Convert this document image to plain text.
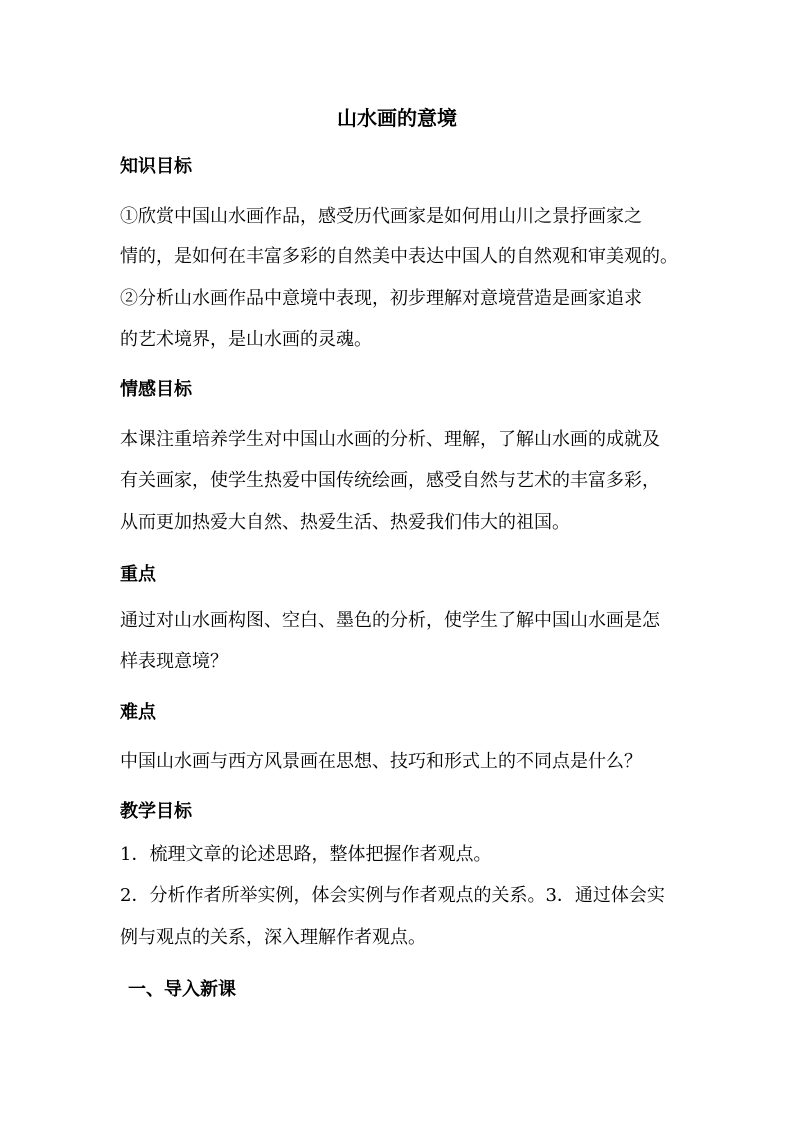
山水画的意境
知识目标
①欣赏中国山水画作品，感受历代画家是如何用山川之景抒画家之
情的，是如何在丰富多彩的自然美中表达中国人的自然观和审美观的。
②分析山水画作品中意境中表现，初步理解对意境营造是画家追求
的艺术境界，是山水画的灵魂。
情感目标
本课注重培养学生对中国山水画的分析、理解，了解山水画的成就及
有关画家，使学生热爱中国传统绘画，感受自然与艺术的丰富多彩，
从而更加热爱大自然、热爱生活、热爱我们伟大的祖国。
重点
通过对山水画构图、空白、墨色的分析，使学生了解中国山水画是怎
样表现意境？
难点
中国山水画与西方风景画在思想、技巧和形式上的不同点是什么？
教学目标
1．梳理文章的论述思路，整体把握作者观点。
2．分析作者所举实例，体会实例与作者观点的关系。3．通过体会实
例与观点的关系，深入理解作者观点。
一、导入新课
